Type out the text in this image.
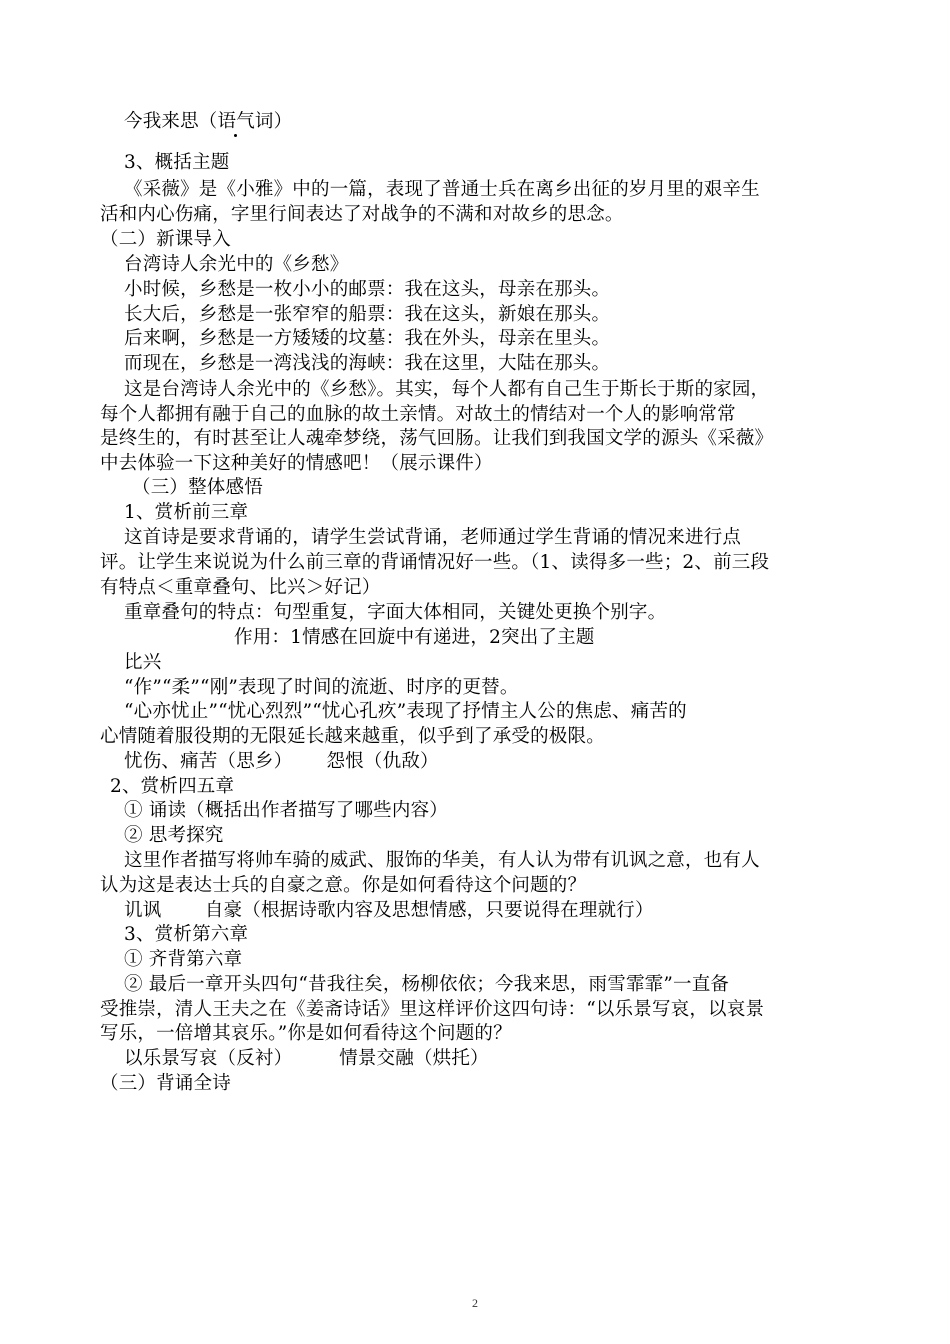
今我来思（语气词）
3、概括主题
《采薇》是《小雅》中的一篇，表现了普通士兵在离乡出征的岁月里的艰辛生
活和内心伤痛，字里行间表达了对战争的不满和对故乡的思念。
（二）新课导入
台湾诗人余光中的《乡愁》
小时候，乡愁是一枚小小的邮票：我在这头，母亲在那头。
长大后，乡愁是一张窄窄的船票：我在这头，新娘在那头。
后来啊，乡愁是一方矮矮的坟墓：我在外头，母亲在里头。
而现在，乡愁是一湾浅浅的海峡：我在这里，大陆在那头。
这是台湾诗人余光中的《乡愁》。其实，每个人都有自己生于斯长于斯的家园，
每个人都拥有融于自己的血脉的故土亲情。对故土的情结对一个人的影响常常
是终生的，有时甚至让人魂牵梦绕，荡气回肠。让我们到我国文学的源头《采薇》
中去体验一下这种美好的情感吧！（展示课件）
（三）整体感悟
1、赏析前三章
这首诗是要求背诵的，请学生尝试背诵，老师通过学生背诵的情况来进行点
评。让学生来说说为什么前三章的背诵情况好一些。（1、读得多一些；2、前三段
有特点＜重章叠句、比兴＞好记）
重章叠句的特点：句型重复，字面大体相同，关键处更换个别字。
作用：1情感在回旋中有递进，2突出了主题
比兴
“作”“柔”“刚”表现了时间的流逝、时序的更替。
“心亦忧止”“忧心烈烈”“忧心孔疚”表现了抒情主人公的焦虑、痛苦的
心情随着服役期的无限延长越来越重，似乎到了承受的极限。
忧伤、痛苦（思乡）　　 怨恨（仇敌）
2、赏析四五章
① 诵读（概括出作者描写了哪些内容）
② 思考探究
这里作者描写将帅车骑的威武、服饰的华美，有人认为带有讥讽之意，也有人
认为这是表达士兵的自豪之意。你是如何看待这个问题的？
讥讽　　 自豪（根据诗歌内容及思想情感，只要说得在理就行）
3、赏析第六章
① 齐背第六章
② 最后一章开头四句“昔我往矣，杨柳依依；今我来思，雨雪霏霏”一直备
受推崇，清人王夫之在《姜斋诗话》里这样评价这四句诗：“以乐景写哀，以哀景
写乐，一倍增其哀乐。”你是如何看待这个问题的？
以乐景写哀（反衬）　　　情景交融（烘托）
（三）背诵全诗
2
